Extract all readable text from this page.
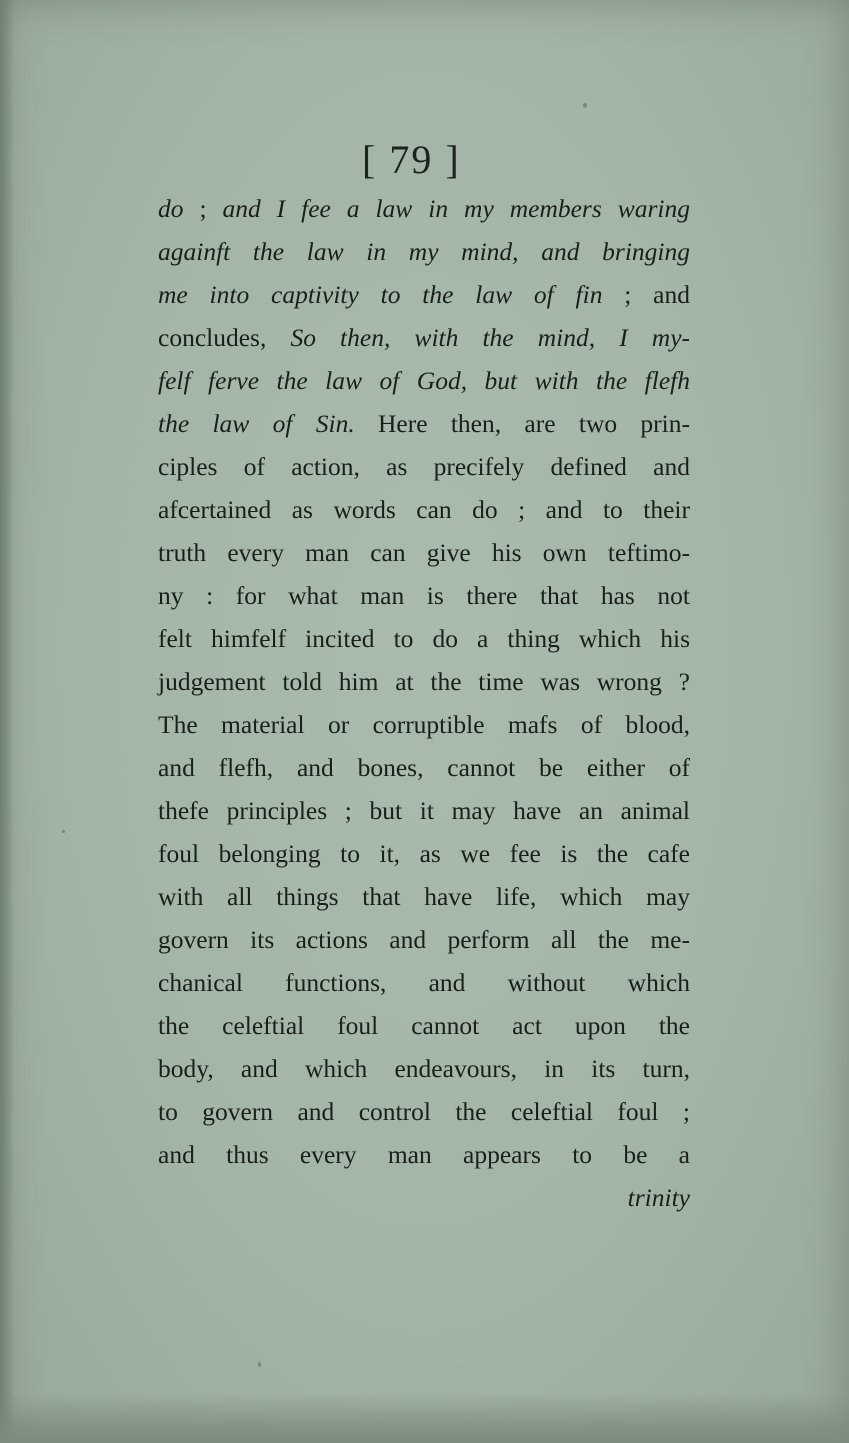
[ 79 ]
do ; and I fee a law in my members waring
againft the law in my mind, and bringing
me into captivity to the law of fin ; and
concludes, So then, with the mind, I my-
felf ferve the law of God, but with the flefh
the law of Sin. Here then, are two prin-
ciples of action, as precifely defined and
afcertained as words can do ; and to their
truth every man can give his own teftimo-
ny : for what man is there that has not
felt himfelf incited to do a thing which his
judgement told him at the time was wrong ?
The material or corruptible mafs of blood,
and flefh, and bones, cannot be either of
thefe principles ; but it may have an animal
foul belonging to it, as we fee is the cafe
with all things that have life, which may
govern its actions and perform all the me-
chanical functions, and without which
the celeftial foul cannot act upon the
body, and which endeavours, in its turn,
to govern and control the celeftial foul ;
and thus every man appears to be a
trinity
